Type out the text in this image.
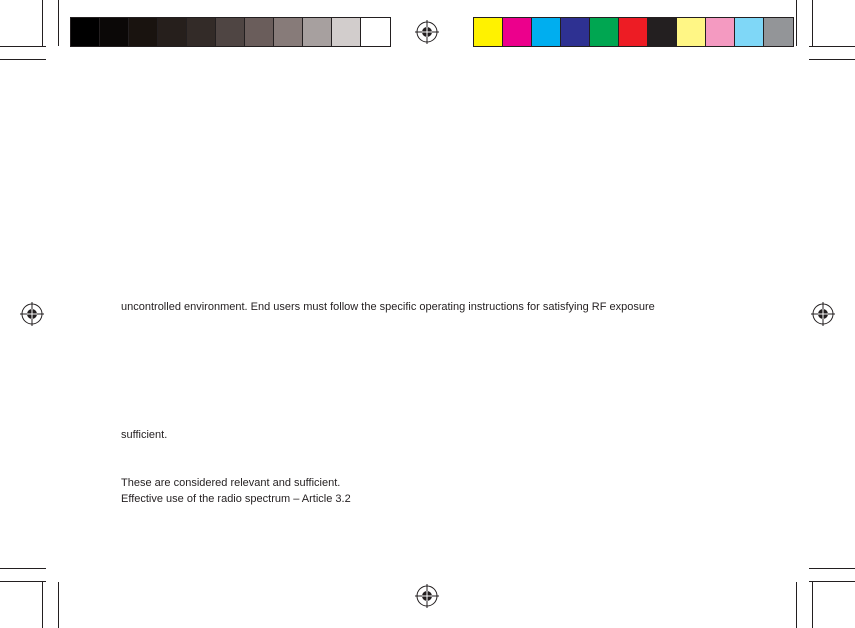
uncontrolled environment. End users must follow the specific operating instructions for satisfying RF exposure
sufficient.
These are considered relevant and sufficient.
Effective use of the radio spectrum – Article 3.2
